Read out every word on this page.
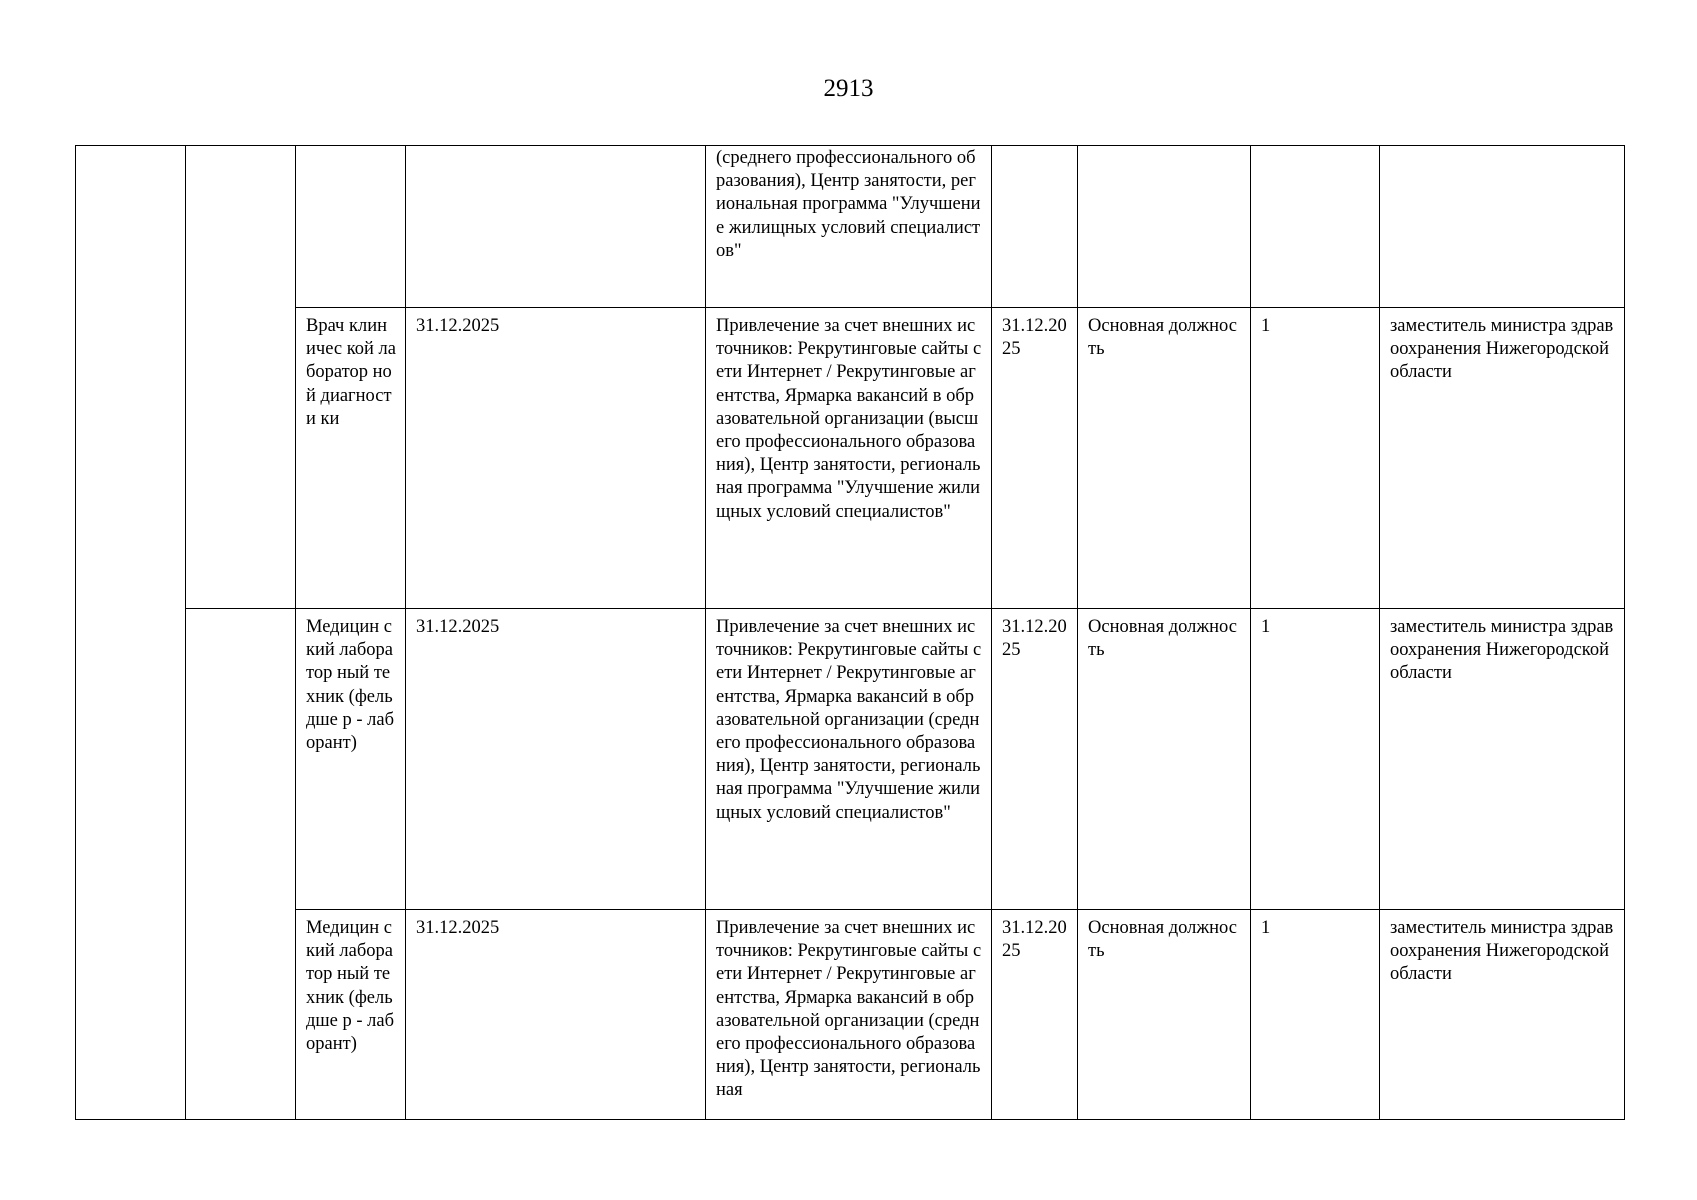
2913

				(среднего профессионального образования), Центр занятости, региональная программа "Улучшение жилищных условий специалистов"				

		Врач клиничес кой лаборатор ной диагности ки	31.12.2025	Привлечение за счет внешних источников: Рекрутинговые сайты сети Интернет / Рекрутинговые агентства, Ярмарка вакансий в образовательной организации (высшего профессионального образования), Центр занятости, региональная программа "Улучшение жилищных условий специалистов"	31.12.2025	Основная должность	1	заместитель министра здравоохранения Нижегородской области

		Медицин ский лаборатор ный техник (фельдше р - лаборант)	31.12.2025	Привлечение за счет внешних источников: Рекрутинговые сайты сети Интернет / Рекрутинговые агентства, Ярмарка вакансий в образовательной организации (среднего профессионального образования), Центр занятости, региональная программа "Улучшение жилищных условий специалистов"	31.12.2025	Основная должность	1	заместитель министра здравоохранения Нижегородской области

		Медицин ский лаборатор ный техник (фельдше р - лаборант)	31.12.2025	Привлечение за счет внешних источников: Рекрутинговые сайты сети Интернет / Рекрутинговые агентства, Ярмарка вакансий в образовательной организации (среднего профессионального образования), Центр занятости, региональная	31.12.2025	Основная должность	1	заместитель министра здравоохранения Нижегородской области
